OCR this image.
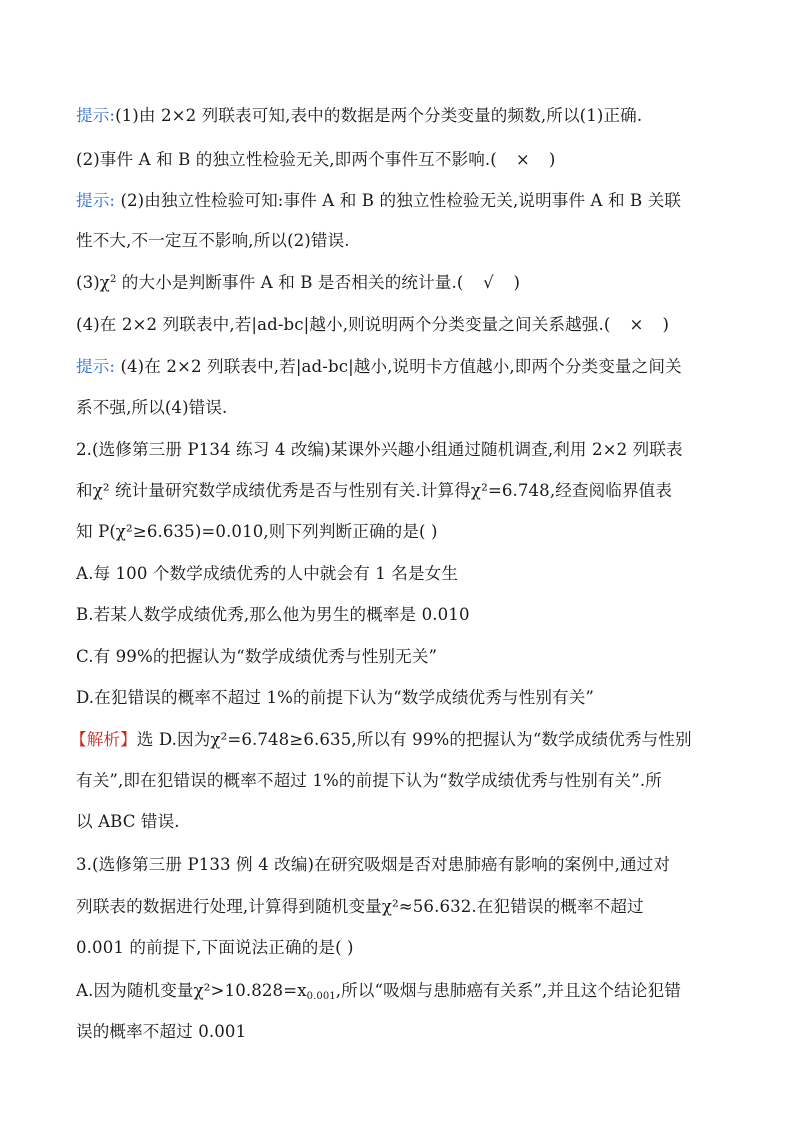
提示:(1)由 2×2 列联表可知,表中的数据是两个分类变量的频数,所以(1)正确.
(2)事件 A 和 B 的独立性检验无关,即两个事件互不影响.( × )
提示: (2)由独立性检验可知:事件 A 和 B 的独立性检验无关,说明事件 A 和 B 关联
性不大,不一定互不影响,所以(2)错误.
$(3)\chi^2$ 的大小是判断事件 A 和 B 是否相关的统计量.( √ )
(4)在 2×2 列联表中,若|ad-bc|越小,则说明两个分类变量之间关系越强.( × )
提示: (4)在 2×2 列联表中,若|ad-bc|越小,说明卡方值越小,即两个分类变量之间关
系不强,所以(4)错误.
2.(选修第三册 P134 练习 4 改编)某课外兴趣小组通过随机调查,利用 2×2 列联表
和χ² 统计量研究数学成绩优秀是否与性别有关.计算得χ²=6.748,经查阅临界值表
知 P(χ²≥6.635)=0.010,则下列判断正确的是( )
A.每 100 个数学成绩优秀的人中就会有 1 名是女生
B.若某人数学成绩优秀,那么他为男生的概率是 0.010
C.有 99%的把握认为“数学成绩优秀与性别无关”
D.在犯错误的概率不超过 1%的前提下认为“数学成绩优秀与性别有关”
【解析】选 D.因为χ²=6.748≥6.635,所以有 99%的把握认为“数学成绩优秀与性别
有关”,即在犯错误的概率不超过 1%的前提下认为“数学成绩优秀与性别有关”.所
以 ABC 错误.
3.(选修第三册 P133 例 4 改编)在研究吸烟是否对患肺癌有影响的案例中,通过对
列联表的数据进行处理,计算得到随机变量χ²≈56.632.在犯错误的概率不超过
0.001 的前提下,下面说法正确的是( )
A.因为随机变量$\chi^2>10.828=x_{0.001}$,所以“吸烟与患肺癌有关系”,并且这个结论犯错
误的概率不超过 0.001
